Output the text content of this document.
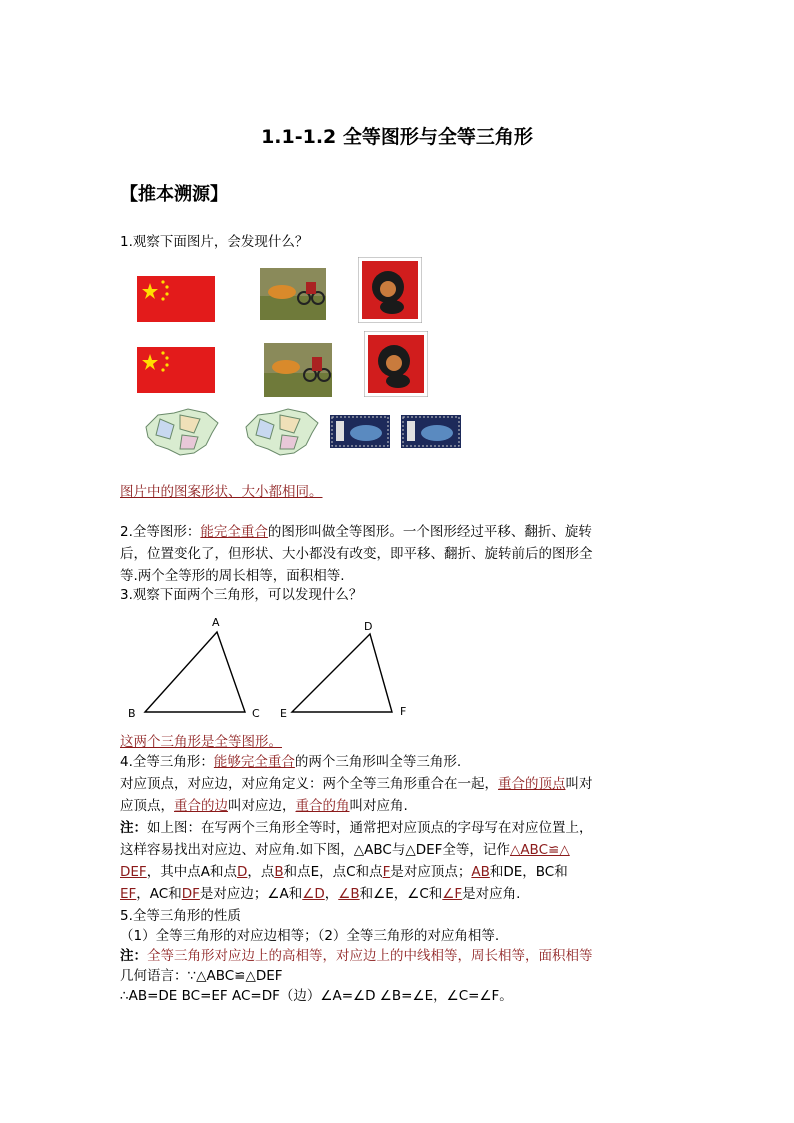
1.1-1.2 全等图形与全等三角形
【推本溯源】
1.观察下面图片，会发现什么？
图片中的图案形状、大小都相同。
2.全等图形：能完全重合的图形叫做全等图形。一个图形经过平移、翻折、旋转
后，位置变化了，但形状、大小都没有改变，即平移、翻折、旋转前后的图形全
等.两个全等形的周长相等，面积相等.
3.观察下面两个三角形，可以发现什么？
A
B	C
D
E	F
这两个三角形是全等图形。
4.全等三角形：能够完全重合的两个三角形叫全等三角形.
对应顶点，对应边，对应角定义：两个全等三角形重合在一起，重合的顶点叫对
应顶点，重合的边叫对应边，重合的角叫对应角.
注：如上图：在写两个三角形全等时，通常把对应顶点的字母写在对应位置上，
这样容易找出对应边、对应角.如下图，△ABC与△DEF全等，记作△ABC≌△
DEF，其中点A和点D，点B和点E，点C和点F是对应顶点；AB和DE，BC和
EF，AC和DF是对应边；∠A和∠D，∠B和∠E，∠C和∠F是对应角.
5.全等三角形的性质
（1）全等三角形的对应边相等；（2）全等三角形的对应角相等.
注：全等三角形对应边上的高相等，对应边上的中线相等，周长相等，面积相等
几何语言：∵△ABC≌△DEF
∴AB=DE BC=EF AC=DF（边）∠A=∠D ∠B=∠E，∠C=∠F。
